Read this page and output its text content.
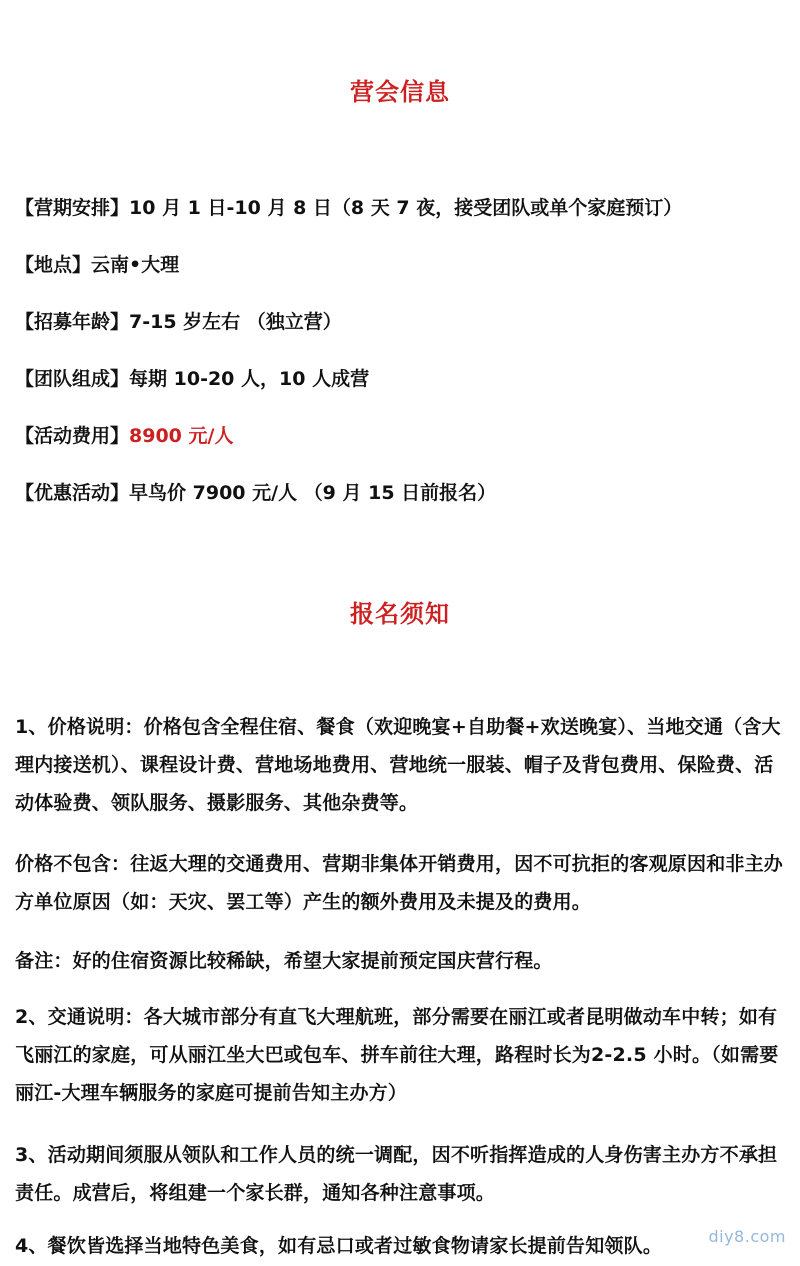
营会信息
【营期安排】10 月 1 日-10 月 8 日（8 天 7 夜，接受团队或单个家庭预订）
【地点】云南•大理
【招募年龄】7-15 岁左右 （独立营）
【团队组成】每期 10-20 人，10 人成营
【活动费用】8900 元/人
【优惠活动】早鸟价 7900 元/人 （9 月 15 日前报名）
报名须知
1、价格说明：价格包含全程住宿、餐食（欢迎晚宴+自助餐+欢送晚宴）、当地交通（含大理内接送机）、课程设计费、营地场地费用、营地统一服装、帽子及背包费用、保险费、活动体验费、领队服务、摄影服务、其他杂费等。
价格不包含：往返大理的交通费用、营期非集体开销费用，因不可抗拒的客观原因和非主办方单位原因（如：天灾、罢工等）产生的额外费用及未提及的费用。
备注：好的住宿资源比较稀缺，希望大家提前预定国庆营行程。
2、交通说明：各大城市部分有直飞大理航班，部分需要在丽江或者昆明做动车中转；如有飞丽江的家庭，可从丽江坐大巴或包车、拼车前往大理，路程时长为2-2.5 小时。（如需要丽江-大理车辆服务的家庭可提前告知主办方）
3、活动期间须服从领队和工作人员的统一调配，因不听指挥造成的人身伤害主办方不承担责任。成营后，将组建一个家长群，通知各种注意事项。
4、餐饮皆选择当地特色美食，如有忌口或者过敏食物请家长提前告知领队。	diy8.com
